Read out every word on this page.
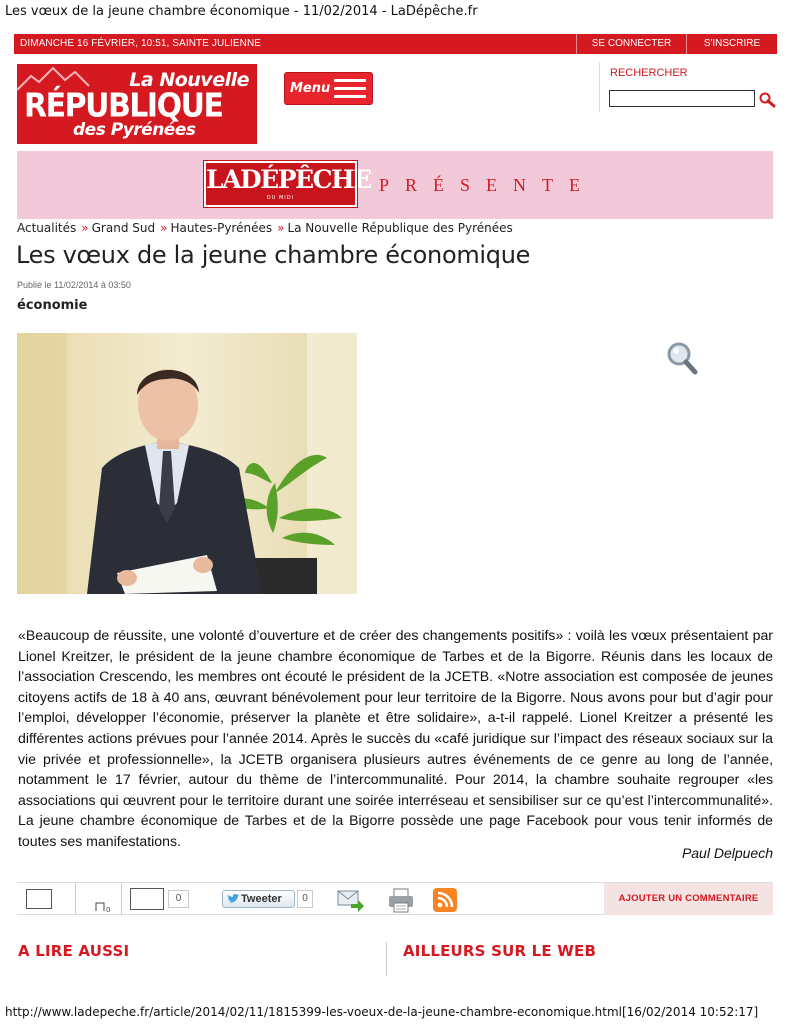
Les vœux de la jeune chambre économique - 11/02/2014 - LaDépêche.fr
DIMANCHE 16 FÉVRIER, 10:51, SAINTE JULIENNE	SE CONNECTER	S'INSCRIRE
La Nouvelle
RÉPUBLIQUE
des Pyrénées
Menu
RECHERCHER
LADÉPÊCHE
DU MIDI
PRÉSENTE
Actualités » Grand Sud » Hautes-Pyrénées » La Nouvelle République des Pyrénées
Les vœux de la jeune chambre économique
Publié le 11/02/2014 à 03:50
économie

«Beaucoup de réussite, une volonté d’ouverture et de créer des changements positifs» : voilà les vœux présentaient par Lionel Kreitzer, le président de la jeune chambre économique de Tarbes et de la Bigorre. Réunis dans les locaux de l’association Crescendo, les membres ont écouté le président de la JCETB. «Notre association est composée de jeunes citoyens actifs de 18 à 40 ans, œuvrant bénévolement pour leur territoire de la Bigorre. Nous avons pour but d’agir pour l’emploi, développer l’économie, préserver la planète et être solidaire», a-t-il rappelé. Lionel Kreitzer a présenté les différentes actions prévues pour l’année 2014. Après le succès du «café juridique sur l’impact des réseaux sociaux sur la vie privée et professionnelle», la JCETB organisera plusieurs autres événements de ce genre au long de l’année, notamment le 17 février, autour du thème de l’intercommunalité. Pour 2014, la chambre souhaite regrouper «les associations qui œuvrent pour le territoire durant une soirée interréseau et sensibiliser sur ce qu’est l’intercommunalité». La jeune chambre économique de Tarbes et de la Bigorre possède une page Facebook pour vous tenir informés de toutes ses manifestations.

Paul Delpuech
0
0	Tweeter	0	AJOUTER UN COMMENTAIRE
A LIRE AUSSI	AILLEURS SUR LE WEB
http://www.ladepeche.fr/article/2014/02/11/1815399-les-voeux-de-la-jeune-chambre-economique.html[16/02/2014 10:52:17]
